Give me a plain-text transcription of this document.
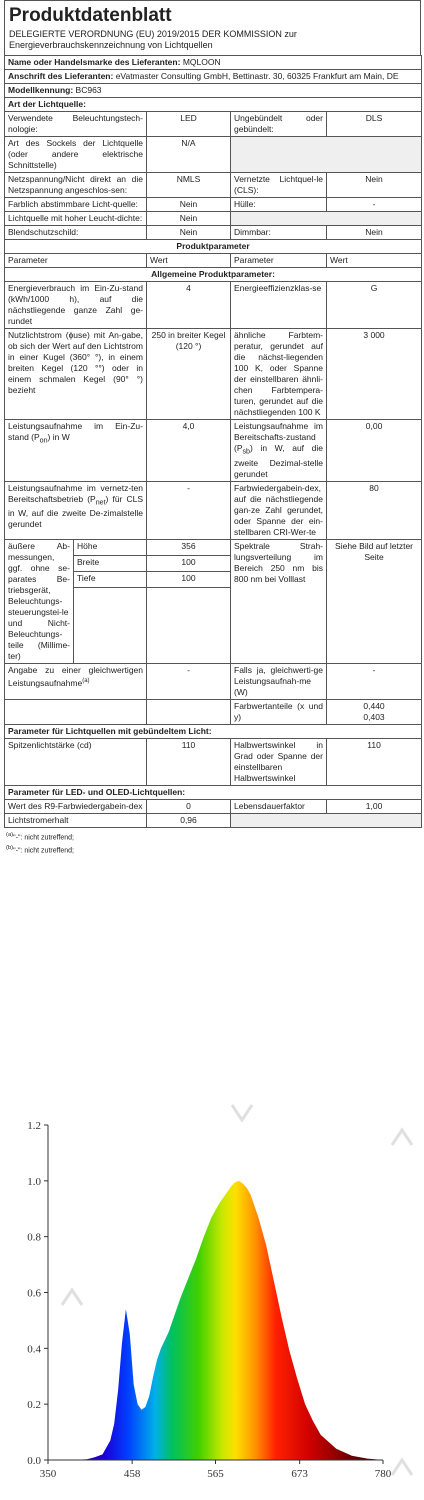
Produktdatenblatt
DELEGIERTE VERORDNUNG (EU) 2019/2015 DER KOMMISSION zur Energieverbrauchskennzeichnung von Lichtquellen
Name oder Handelsmarke des Lieferanten: MQLOON				
Anschrift des Lieferanten: eVatmaster Consulting GmbH, Bettinastr. 30, 60325 Frankfurt am Main, DE				
Modellkennung: BC963				
Art der Lichtquelle:				
Verwendete Beleuchtungstech-nologie:		LED	Ungebündelt oder gebündelt:	DLS
Art des Sockels der Lichtquelle (oder andere elektrische Schnittstelle)		N/A		
Netzspannung/Nicht direkt an die Netzspannung angeschlos-sen:		NMLS	Vernetzte Lichtquel-le (CLS):	Nein
Farblich abstimmbare Licht-quelle:		Nein	Hülle:	-
Lichtquelle mit hoher Leucht-dichte:		Nein		
Blendschutzschild:		Nein	Dimmbar:	Nein
Produktparameter				
Parameter		Wert	Parameter	Wert
Allgemeine Produktparameter:				
Energieverbrauch im Ein-Zu-stand (kWh/1000 h), auf die nächstliegende ganze Zahl ge-rundet		4	Energieeffizienzklas-se	G
Nutzlichtstrom (ɸuse) mit An-gabe, ob sich der Wert auf den Lichtstrom in einer Kugel (360° °), in einem breiten Kegel (120 °°) oder in einem schmalen Kegel (90° °) bezieht		250 in breiter Kegel (120 °)	ähnliche Farbtem-peratur, gerundet auf die nächst-liegenden 100 K, oder Spanne der einstellbaren ähnli-chen Farbtempera-turen, gerundet auf die nächstliegenden 100 K	3 000
Leistungsaufnahme im Ein-Zu-stand $(P_{on})$ in W		4,0	Leistungsaufnahme im Bereitschafts-zustand $(P_{sb})$ in W, auf die zweite Dezimal-stelle gerundet	0,00
Leistungsaufnahme im vernetz-ten Bereitschaftsbetrieb $(P_{net})$ für CLS in W, auf die zweite De-zimalstelle gerundet		-	Farbwiedergabein-dex, auf die nächstliegende gan-ze Zahl gerundet, oder Spanne der ein-stellbaren CRI-Wer-te	80
äußere Ab-messungen, ggf. ohne se-parates Be-triebsgerät, Beleuchtungs-steuerungstei-le und Nicht-Beleuchtungs-teile (Millime-ter)	Höhe	356	Spektrale Strah-lungsverteilung im Bereich 250 nm bis 800 nm bei Volllast	Siehe Bild auf letzter Seite
	Breite	100		
	Tiefe	100		

Angabe zu einer gleichwertigen Leistungsaufnahme$^{(a)}$		-	Falls ja, gleichwerti-ge Leistungsaufnah-me (W)	-
			Farbwertanteile (x und y)	0,440
0,403

Parameter für Lichtquellen mit gebündeltem Licht:				
Spitzenlichtstärke (cd)		110	Halbwertswinkel in Grad oder Spanne der einstellbaren Halbwertswinkel	110
Parameter für LED- und OLED-Lichtquellen:				
Wert des R9-Farbwiedergabein-dex		0	Lebensdauerfaktor	1,00
Lichtstromerhalt		0,96		
$^{(a)}$"-": nicht zutreffend;
$^{(b)}$"-": nicht zutreffend;
0.0
0.2
0.4
0.6
0.8
1.0
1.2
350	458	565	673	780
